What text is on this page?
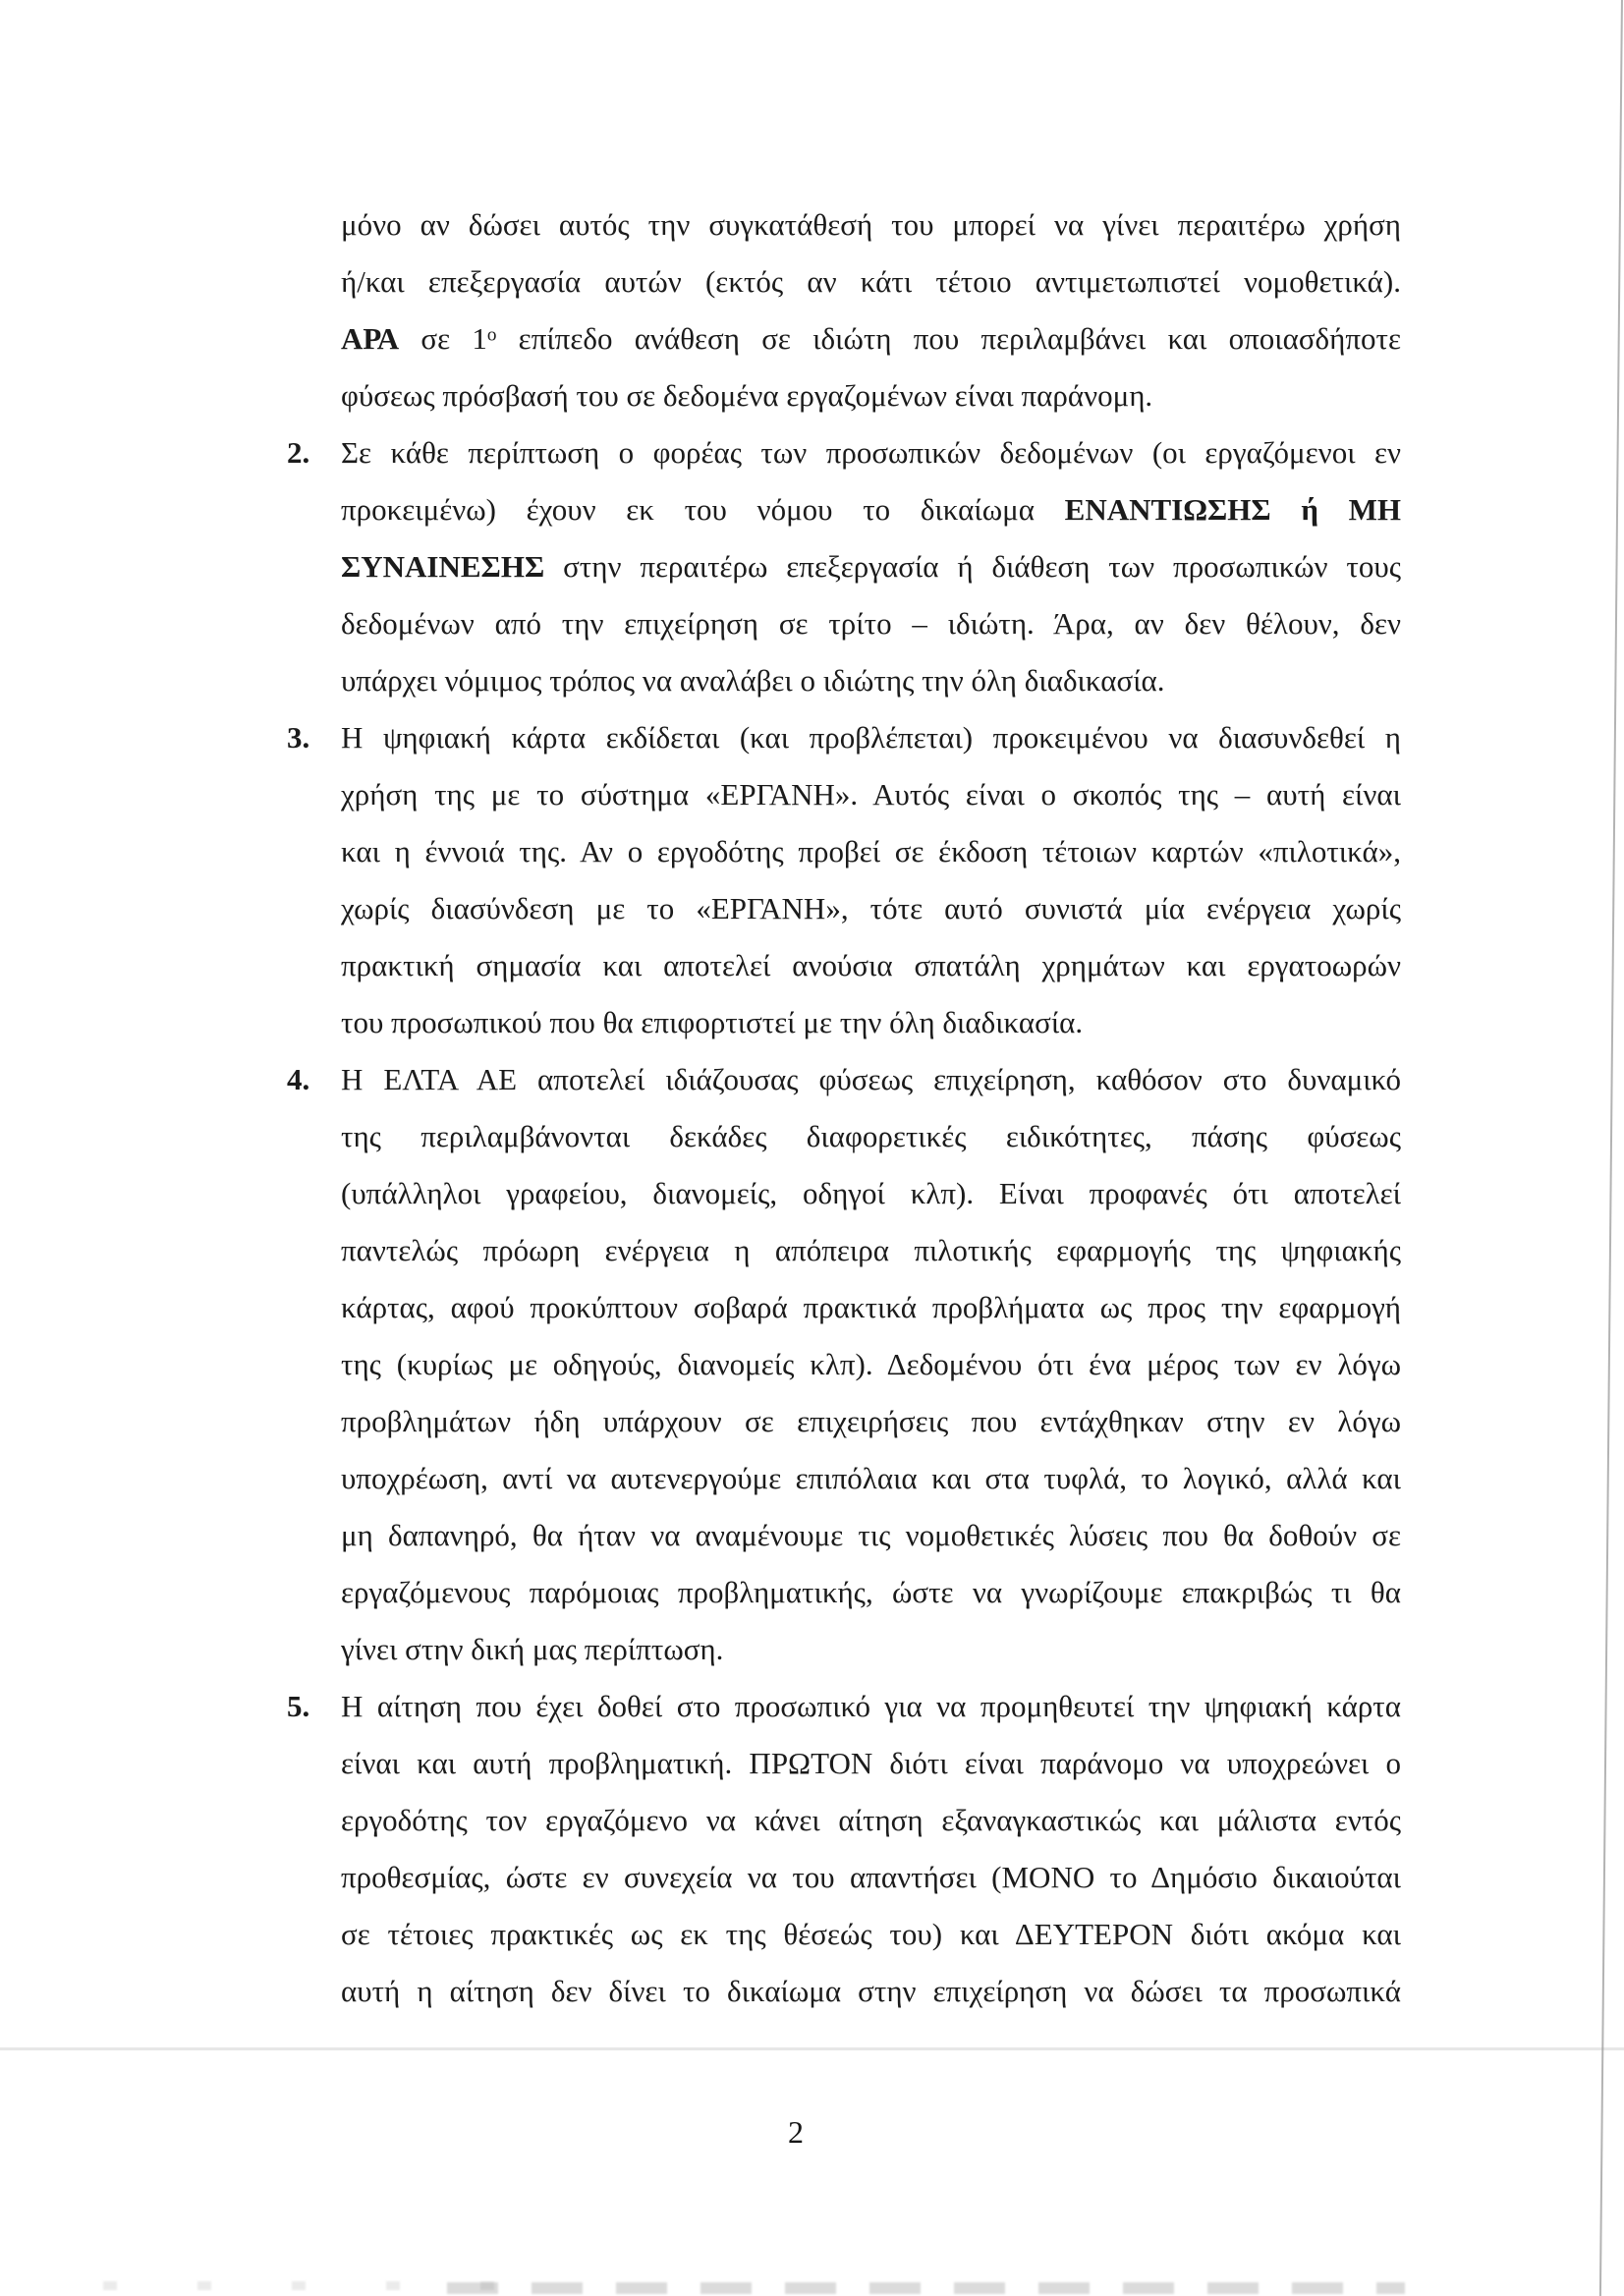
μόνο αν δώσει αυτός την συγκατάθεσή του μπορεί να γίνει περαιτέρω χρήση
ή/και επεξεργασία αυτών (εκτός αν κάτι τέτοιο αντιμετωπιστεί νομοθετικά).
ΑΡΑ σε $1^o$ επίπεδο ανάθεση σε ιδιώτη που περιλαμβάνει και οποιασδήποτε
φύσεως πρόσβασή του σε δεδομένα εργαζομένων είναι παράνομη.
2. Σε κάθε περίπτωση ο φορέας των προσωπικών δεδομένων (οι εργαζόμενοι εν
προκειμένω) έχουν εκ του νόμου το δικαίωμα ΕΝΑΝΤΙΩΣΗΣ ή ΜΗ
ΣΥΝΑΙΝΕΣΗΣ στην περαιτέρω επεξεργασία ή διάθεση των προσωπικών τους
δεδομένων από την επιχείρηση σε τρίτο – ιδιώτη. Άρα, αν δεν θέλουν, δεν
υπάρχει νόμιμος τρόπος να αναλάβει ο ιδιώτης την όλη διαδικασία.
3. Η ψηφιακή κάρτα εκδίδεται (και προβλέπεται) προκειμένου να διασυνδεθεί η
χρήση της με το σύστημα «ΕΡΓΑΝΗ». Αυτός είναι ο σκοπός της – αυτή είναι
και η έννοιά της. Αν ο εργοδότης προβεί σε έκδοση τέτοιων καρτών «πιλοτικά»,
χωρίς διασύνδεση με το «ΕΡΓΑΝΗ», τότε αυτό συνιστά μία ενέργεια χωρίς
πρακτική σημασία και αποτελεί ανούσια σπατάλη χρημάτων και εργατοωρών
του προσωπικού που θα επιφορτιστεί με την όλη διαδικασία.
4. Η ΕΛΤΑ ΑΕ αποτελεί ιδιάζουσας φύσεως επιχείρηση, καθόσον στο δυναμικό
της περιλαμβάνονται δεκάδες διαφορετικές ειδικότητες, πάσης φύσεως
(υπάλληλοι γραφείου, διανομείς, οδηγοί κλπ). Είναι προφανές ότι αποτελεί
παντελώς πρόωρη ενέργεια η απόπειρα πιλοτικής εφαρμογής της ψηφιακής
κάρτας, αφού προκύπτουν σοβαρά πρακτικά προβλήματα ως προς την εφαρμογή
της (κυρίως με οδηγούς, διανομείς κλπ). Δεδομένου ότι ένα μέρος των εν λόγω
προβλημάτων ήδη υπάρχουν σε επιχειρήσεις που εντάχθηκαν στην εν λόγω
υποχρέωση, αντί να αυτενεργούμε επιπόλαια και στα τυφλά, το λογικό, αλλά και
μη δαπανηρό, θα ήταν να αναμένουμε τις νομοθετικές λύσεις που θα δοθούν σε
εργαζόμενους παρόμοιας προβληματικής, ώστε να γνωρίζουμε επακριβώς τι θα
γίνει στην δική μας περίπτωση.
5. Η αίτηση που έχει δοθεί στο προσωπικό για να προμηθευτεί την ψηφιακή κάρτα
είναι και αυτή προβληματική. ΠΡΩΤΟΝ διότι είναι παράνομο να υποχρεώνει ο
εργοδότης τον εργαζόμενο να κάνει αίτηση εξαναγκαστικώς και μάλιστα εντός
προθεσμίας, ώστε εν συνεχεία να του απαντήσει (ΜΟΝΟ το Δημόσιο δικαιούται
σε τέτοιες πρακτικές ως εκ της θέσεώς του) και ΔΕΥΤΕΡΟΝ διότι ακόμα και
αυτή η αίτηση δεν δίνει το δικαίωμα στην επιχείρηση να δώσει τα προσωπικά
2
